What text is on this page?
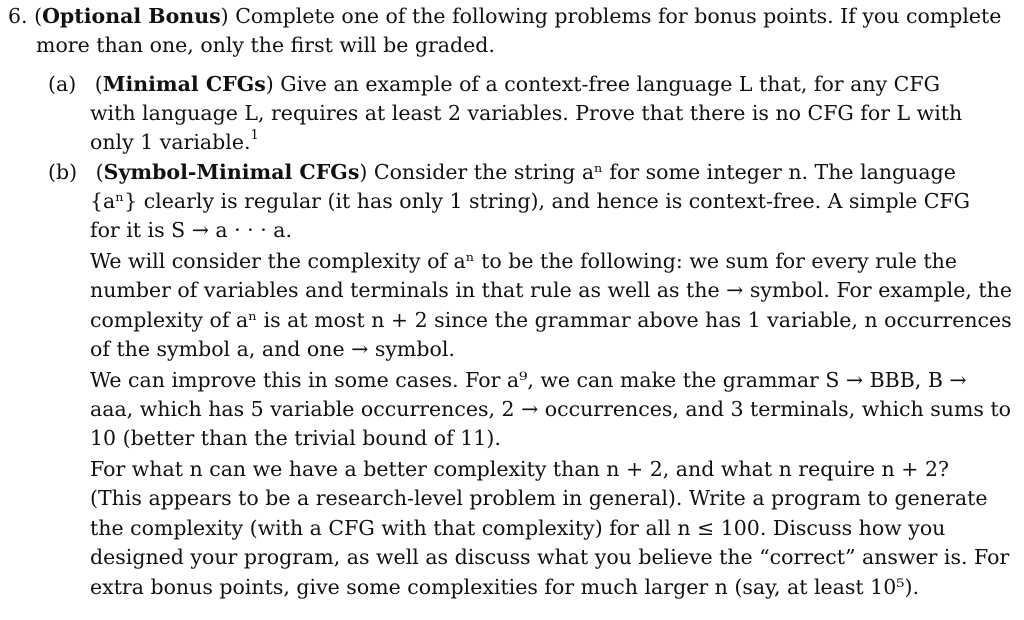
6. (Optional Bonus) Complete one of the following problems for bonus points. If you complete
more than one, only the first will be graded.
(a) (Minimal CFGs) Give an example of a context-free language L that, for any CFG
with language L, requires at least 2 variables. Prove that there is no CFG for L with
only 1 variable.$^1$
(b) (Symbol-Minimal CFGs) Consider the string aⁿ for some integer n. The language
{aⁿ} clearly is regular (it has only 1 string), and hence is context-free. A simple CFG
for it is S → a · · · a.
We will consider the complexity of aⁿ to be the following: we sum for every rule the
number of variables and terminals in that rule as well as the → symbol. For example, the
complexity of aⁿ is at most n + 2 since the grammar above has 1 variable, n occurrences
of the symbol a, and one → symbol.
We can improve this in some cases. For a⁹, we can make the grammar S → BBB, B →
aaa, which has 5 variable occurrences, 2 → occurrences, and 3 terminals, which sums to
10 (better than the trivial bound of 11).
For what n can we have a better complexity than n + 2, and what n require n + 2?
(This appears to be a research-level problem in general). Write a program to generate
the complexity (with a CFG with that complexity) for all n ≤ 100. Discuss how you
designed your program, as well as discuss what you believe the “correct” answer is. For
extra bonus points, give some complexities for much larger n (say, at least 10⁵).
